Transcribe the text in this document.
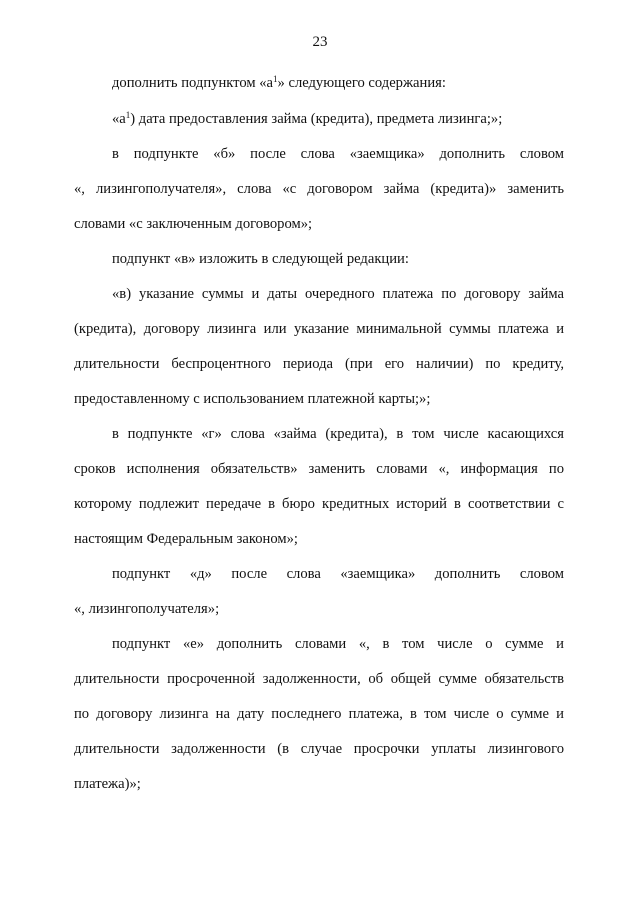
23
дополнить подпунктом «$а^1$» следующего содержания:
«$а^1$) дата предоставления займа (кредита), предмета лизинга;»;
в подпункте «б» после слова «заемщика» дополнить словом
«, лизингополучателя», слова «с договором займа (кредита)» заменить
словами «с заключенным договором»;
подпункт «в» изложить в следующей редакции:
«в) указание суммы и даты очередного платежа по договору займа
(кредита), договору лизинга или указание минимальной суммы платежа и
длительности беспроцентного периода (при его наличии) по кредиту,
предоставленному с использованием платежной карты;»;
в подпункте «г» слова «займа (кредита), в том числе касающихся
сроков исполнения обязательств» заменить словами «, информация по
которому подлежит передаче в бюро кредитных историй в соответствии с
настоящим Федеральным законом»;
подпункт «д» после слова «заемщика» дополнить словом
«, лизингополучателя»;
подпункт «е» дополнить словами «, в том числе о сумме и
длительности просроченной задолженности, об общей сумме обязательств
по договору лизинга на дату последнего платежа, в том числе о сумме и
длительности задолженности (в случае просрочки уплаты лизингового
платежа)»;
